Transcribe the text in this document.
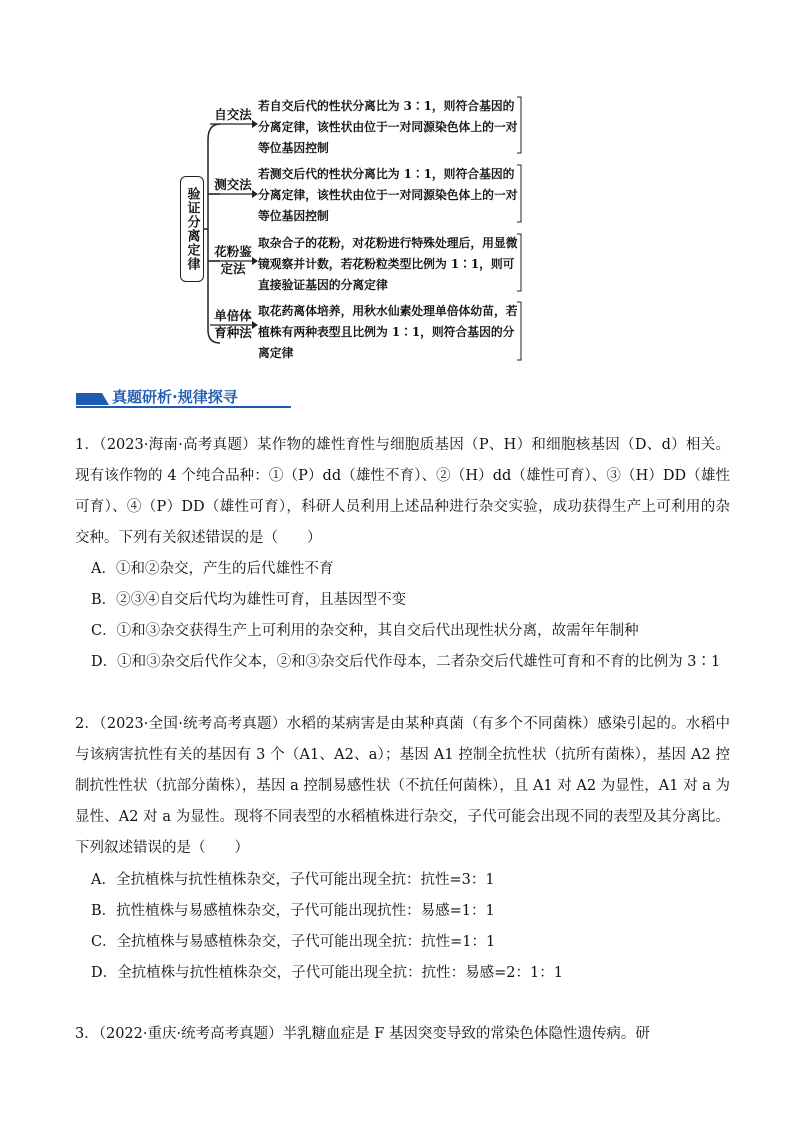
验证分离定律
自交法
测交法
花粉鉴定法
单倍体育种法
若自交后代的性状分离比为 3∶1，则符合基因的分离定律，该性状由位于一对同源染色体上的一对等位基因控制
若测交后代的性状分离比为 1∶1，则符合基因的分离定律，该性状由位于一对同源染色体上的一对等位基因控制
取杂合子的花粉，对花粉进行特殊处理后，用显微镜观察并计数，若花粉粒类型比例为 1∶1，则可直接验证基因的分离定律
取花药离体培养，用秋水仙素处理单倍体幼苗，若植株有两种表型且比例为 1∶1，则符合基因的分离定律
真题研析·规律探寻
1．（2023·海南·高考真题）某作物的雄性育性与细胞质基因（P、H）和细胞核基因（D、d）相关。现有该作物的 4 个纯合品种：①（P）dd（雄性不育）、②（H）dd（雄性可育）、③（H）DD（雄性可育）、④（P）DD（雄性可育），科研人员利用上述品种进行杂交实验，成功获得生产上可利用的杂交种。下列有关叙述错误的是（　　）
A．①和②杂交，产生的后代雄性不育
B．②③④自交后代均为雄性可育，且基因型不变
C．①和③杂交获得生产上可利用的杂交种，其自交后代出现性状分离，故需年年制种
D．①和③杂交后代作父本，②和③杂交后代作母本，二者杂交后代雄性可育和不育的比例为 3∶1
2．（2023·全国·统考高考真题）水稻的某病害是由某种真菌（有多个不同菌株）感染引起的。水稻中与该病害抗性有关的基因有 3 个（A1、A2、a）；基因 A1 控制全抗性状（抗所有菌株），基因 A2 控制抗性性状（抗部分菌株），基因 a 控制易感性状（不抗任何菌株），且 A1 对 A2 为显性，A1 对 a 为显性、A2 对 a 为显性。现将不同表型的水稻植株进行杂交，子代可能会出现不同的表型及其分离比。下列叙述错误的是（　　）
A．全抗植株与抗性植株杂交，子代可能出现全抗：抗性=3：1
B．抗性植株与易感植株杂交，子代可能出现抗性：易感=1：1
C．全抗植株与易感植株杂交，子代可能出现全抗：抗性=1：1
D．全抗植株与抗性植株杂交，子代可能出现全抗：抗性：易感=2：1：1
3．（2022·重庆·统考高考真题）半乳糖血症是 F 基因突变导致的常染色体隐性遗传病。研
